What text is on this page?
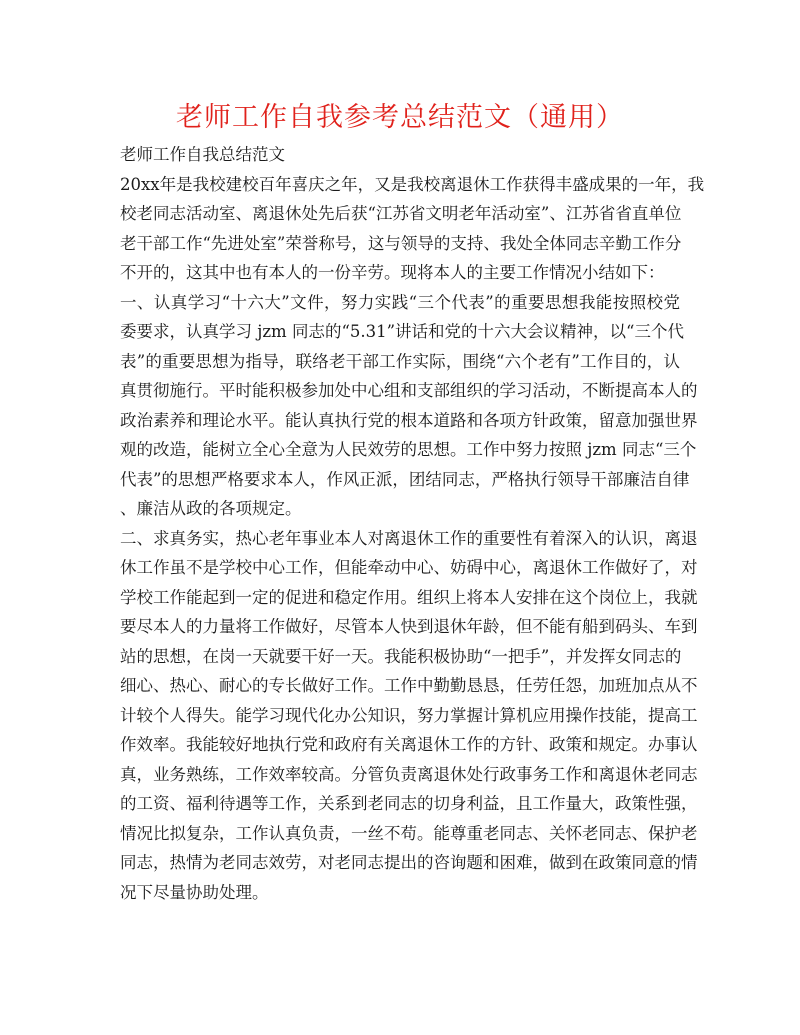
老师工作自我参考总结范文（通用）
老师工作自我总结范文
20xx年是我校建校百年喜庆之年，又是我校离退休工作获得丰盛成果的一年，我
校老同志活动室、离退休处先后获“江苏省文明老年活动室”、江苏省省直单位
老干部工作“先进处室”荣誉称号，这与领导的支持、我处全体同志辛勤工作分
不开的，这其中也有本人的一份辛劳。现将本人的主要工作情况小结如下：
一、认真学习“十六大”文件，努力实践“三个代表”的重要思想我能按照校党
委要求，认真学习 jzm 同志的“5.31”讲话和党的十六大会议精神，以“三个代
表”的重要思想为指导，联络老干部工作实际，围绕“六个老有”工作目的，认
真贯彻施行。平时能积极参加处中心组和支部组织的学习活动，不断提高本人的
政治素养和理论水平。能认真执行党的根本道路和各项方针政策，留意加强世界
观的改造，能树立全心全意为人民效劳的思想。工作中努力按照 jzm 同志“三个
代表”的思想严格要求本人，作风正派，团结同志，严格执行领导干部廉洁自律
、廉洁从政的各项规定。
二、求真务实，热心老年事业本人对离退休工作的重要性有着深入的认识，离退
休工作虽不是学校中心工作，但能牵动中心、妨碍中心，离退休工作做好了，对
学校工作能起到一定的促进和稳定作用。组织上将本人安排在这个岗位上，我就
要尽本人的力量将工作做好，尽管本人快到退休年龄，但不能有船到码头、车到
站的思想，在岗一天就要干好一天。我能积极协助“一把手”，并发挥女同志的
细心、热心、耐心的专长做好工作。工作中勤勤恳恳，任劳任怨，加班加点从不
计较个人得失。能学习现代化办公知识，努力掌握计算机应用操作技能，提高工
作效率。我能较好地执行党和政府有关离退休工作的方针、政策和规定。办事认
真，业务熟练，工作效率较高。分管负责离退休处行政事务工作和离退休老同志
的工资、福利待遇等工作，关系到老同志的切身利益，且工作量大，政策性强，
情况比拟复杂，工作认真负责，一丝不苟。能尊重老同志、关怀老同志、保护老
同志，热情为老同志效劳，对老同志提出的咨询题和困难，做到在政策同意的情
况下尽量协助处理。
